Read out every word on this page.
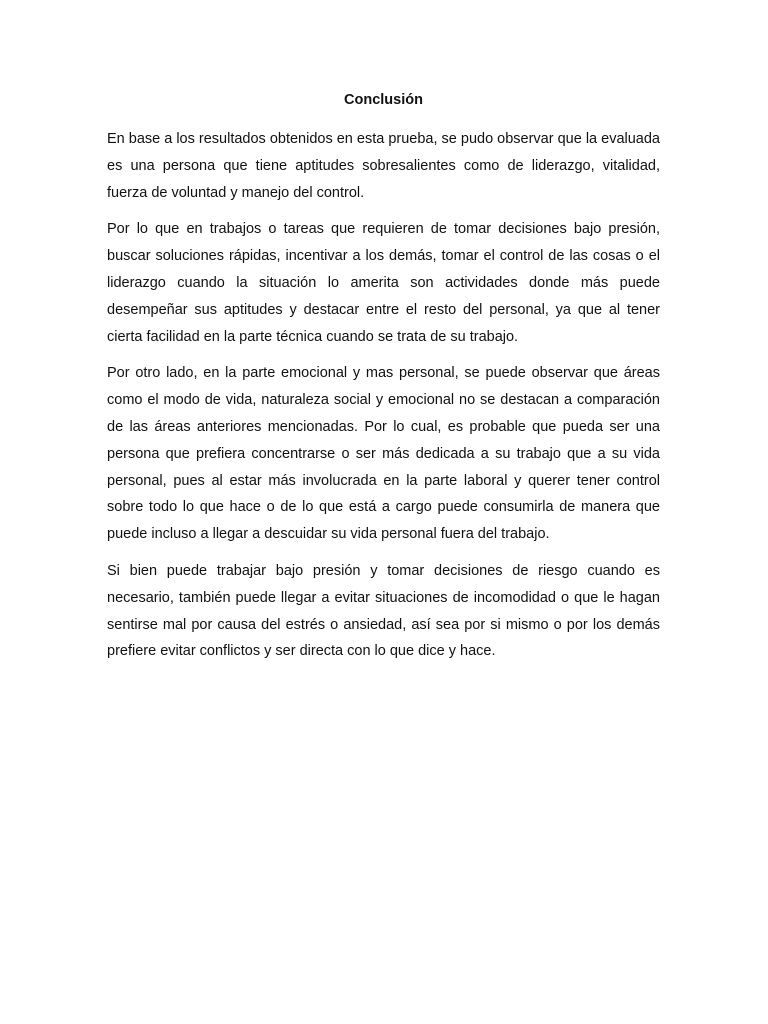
Conclusión

En base a los resultados obtenidos en esta prueba, se pudo observar que la evaluada es una persona que tiene aptitudes sobresalientes como de liderazgo, vitalidad, fuerza de voluntad y manejo del control.

Por lo que en trabajos o tareas que requieren de tomar decisiones bajo presión, buscar soluciones rápidas, incentivar a los demás, tomar el control de las cosas o el liderazgo cuando la situación lo amerita son actividades donde más puede desempeñar sus aptitudes y destacar entre el resto del personal, ya que al tener cierta facilidad en la parte técnica cuando se trata de su trabajo.

Por otro lado, en la parte emocional y mas personal, se puede observar que áreas como el modo de vida, naturaleza social y emocional no se destacan a comparación de las áreas anteriores mencionadas. Por lo cual, es probable que pueda ser una persona que prefiera concentrarse o ser más dedicada a su trabajo que a su vida personal, pues al estar más involucrada en la parte laboral y querer tener control sobre todo lo que hace o de lo que está a cargo puede consumirla de manera que puede incluso a llegar a descuidar su vida personal fuera del trabajo.

Si bien puede trabajar bajo presión y tomar decisiones de riesgo cuando es necesario, también puede llegar a evitar situaciones de incomodidad o que le hagan sentirse mal por causa del estrés o ansiedad, así sea por si mismo o por los demás prefiere evitar conflictos y ser directa con lo que dice y hace.
